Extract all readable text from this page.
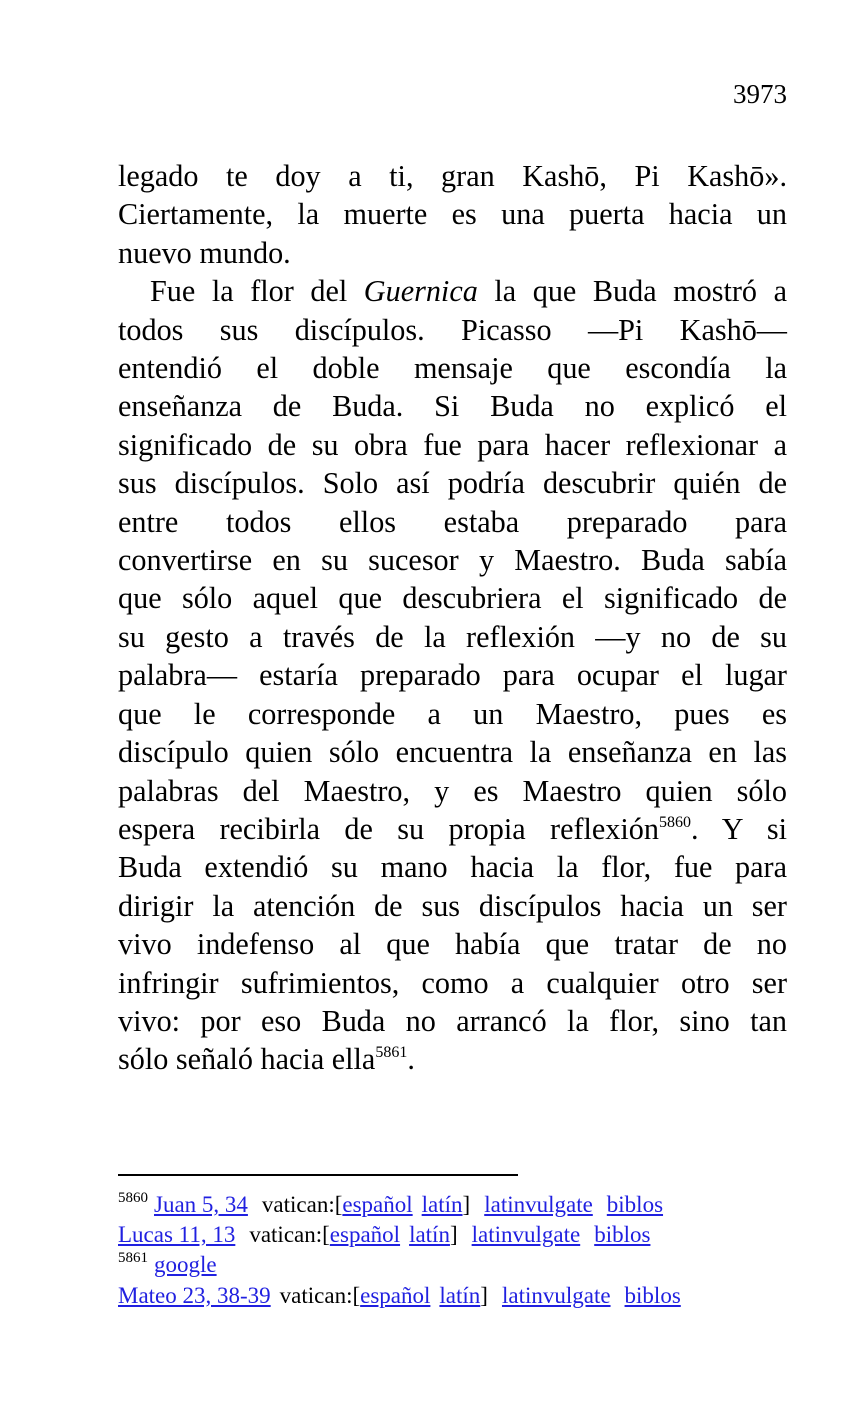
3973

legado te doy a ti, gran Kashō, Pi Kashō».
Ciertamente, la muerte es una puerta hacia un
nuevo mundo.

Fue la flor del Guernica la que Buda mostró a
todos sus discípulos. Picasso —Pi Kashō—
entendió el doble mensaje que escondía la
enseñanza de Buda. Si Buda no explicó el
significado de su obra fue para hacer reflexionar a
sus discípulos. Solo así podría descubrir quién de
entre todos ellos estaba preparado para
convertirse en su sucesor y Maestro. Buda sabía
que sólo aquel que descubriera el significado de
su gesto a través de la reflexión —y no de su
palabra— estaría preparado para ocupar el lugar
que le corresponde a un Maestro, pues es
discípulo quien sólo encuentra la enseñanza en las
palabras del Maestro, y es Maestro quien sólo
espera recibirla de su propia reflexión$^{5860}$. Y si
Buda extendió su mano hacia la flor, fue para
dirigir la atención de sus discípulos hacia un ser
vivo indefenso al que había que tratar de no
infringir sufrimientos, como a cualquier otro ser
vivo: por eso Buda no arrancó la flor, sino tan
sólo señaló hacia ella$^{5861}$.

$^{5860}$ Juan 5, 34 vatican:[español latín] latinvulgate biblos
Lucas 11, 13 vatican:[español latín] latinvulgate biblos
$^{5861}$ google
Mateo 23, 38-39 vatican:[español latín] latinvulgate biblos
